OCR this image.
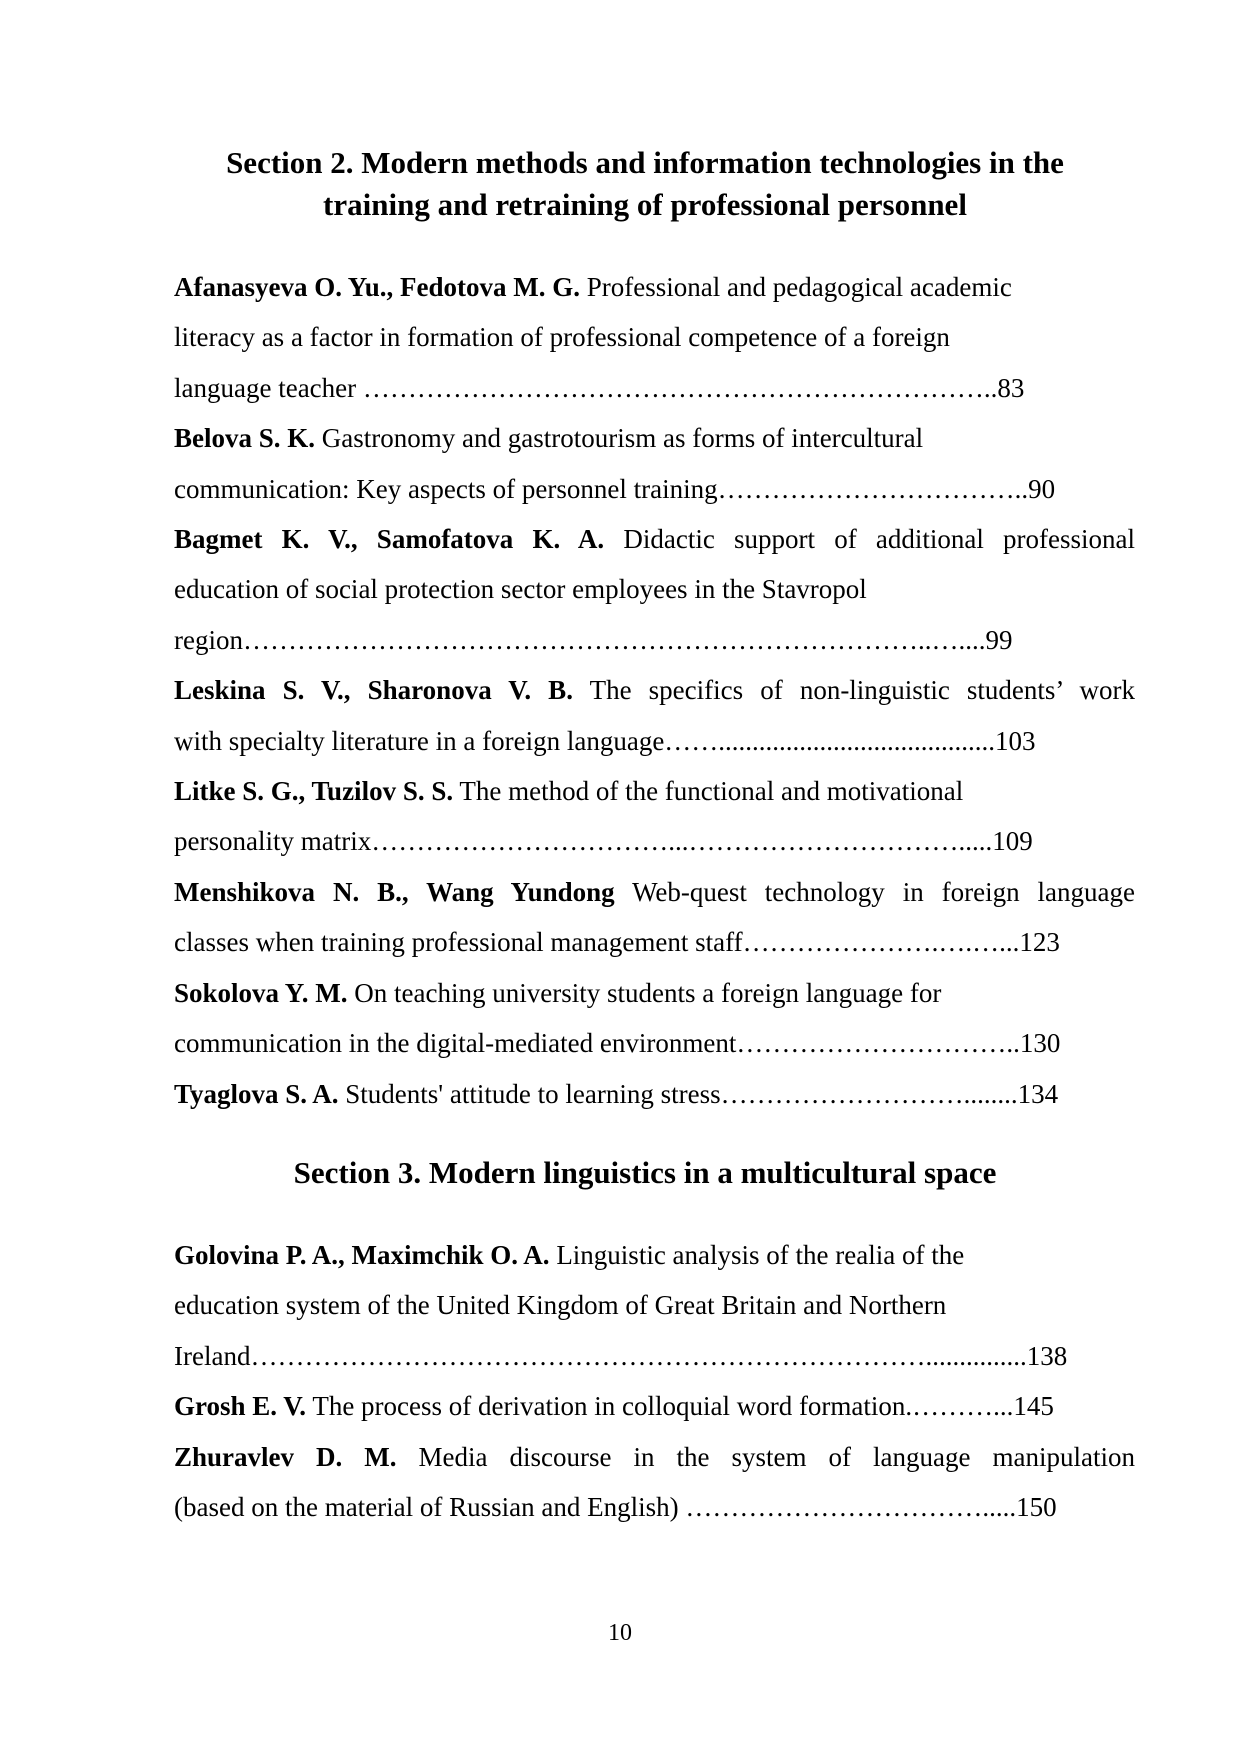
Section 2. Modern methods and information technologies in the
training and retraining of professional personnel
Afanasyeva O. Yu., Fedotova M. G. Professional and pedagogical academic
literacy as a factor in formation of professional competence of a foreign
language teacher ……………………………………………………………..83
Belova S. K. Gastronomy and gastrotourism as forms of intercultural
communication: Key aspects of personnel training……………………………..90
Bagmet K. V., Samofatova K. A. Didactic support of additional professional
education of social protection sector employees in the Stavropol
region…………………………………………………………………..…....99
Leskina S. V., Sharonova V. B. The specifics of non-linguistic students’ work
with specialty literature in a foreign language…….........................................103
Litke S. G., Tuzilov S. S. The method of the functional and motivational
personality matrix……………………………...………………………….....109
Menshikova N. B., Wang Yundong Web-quest technology in foreign language
classes when training professional management staff………………….….…...123
Sokolova Y. M. On teaching university students a foreign language for
communication in the digital-mediated environment…………………………..130
Tyaglova S. A. Students' attitude to learning stress………………………........134
Section 3. Modern linguistics in a multicultural space
Golovina P. A., Maximchik O. A. Linguistic analysis of the realia of the
education system of the United Kingdom of Great Britain and Northern
Ireland…………………………………………………………………...............138
Grosh E. V. The process of derivation in colloquial word formation.………...145
Zhuravlev D. M. Media discourse in the system of language manipulation
(based on the material of Russian and English) …………………………….....150
10
